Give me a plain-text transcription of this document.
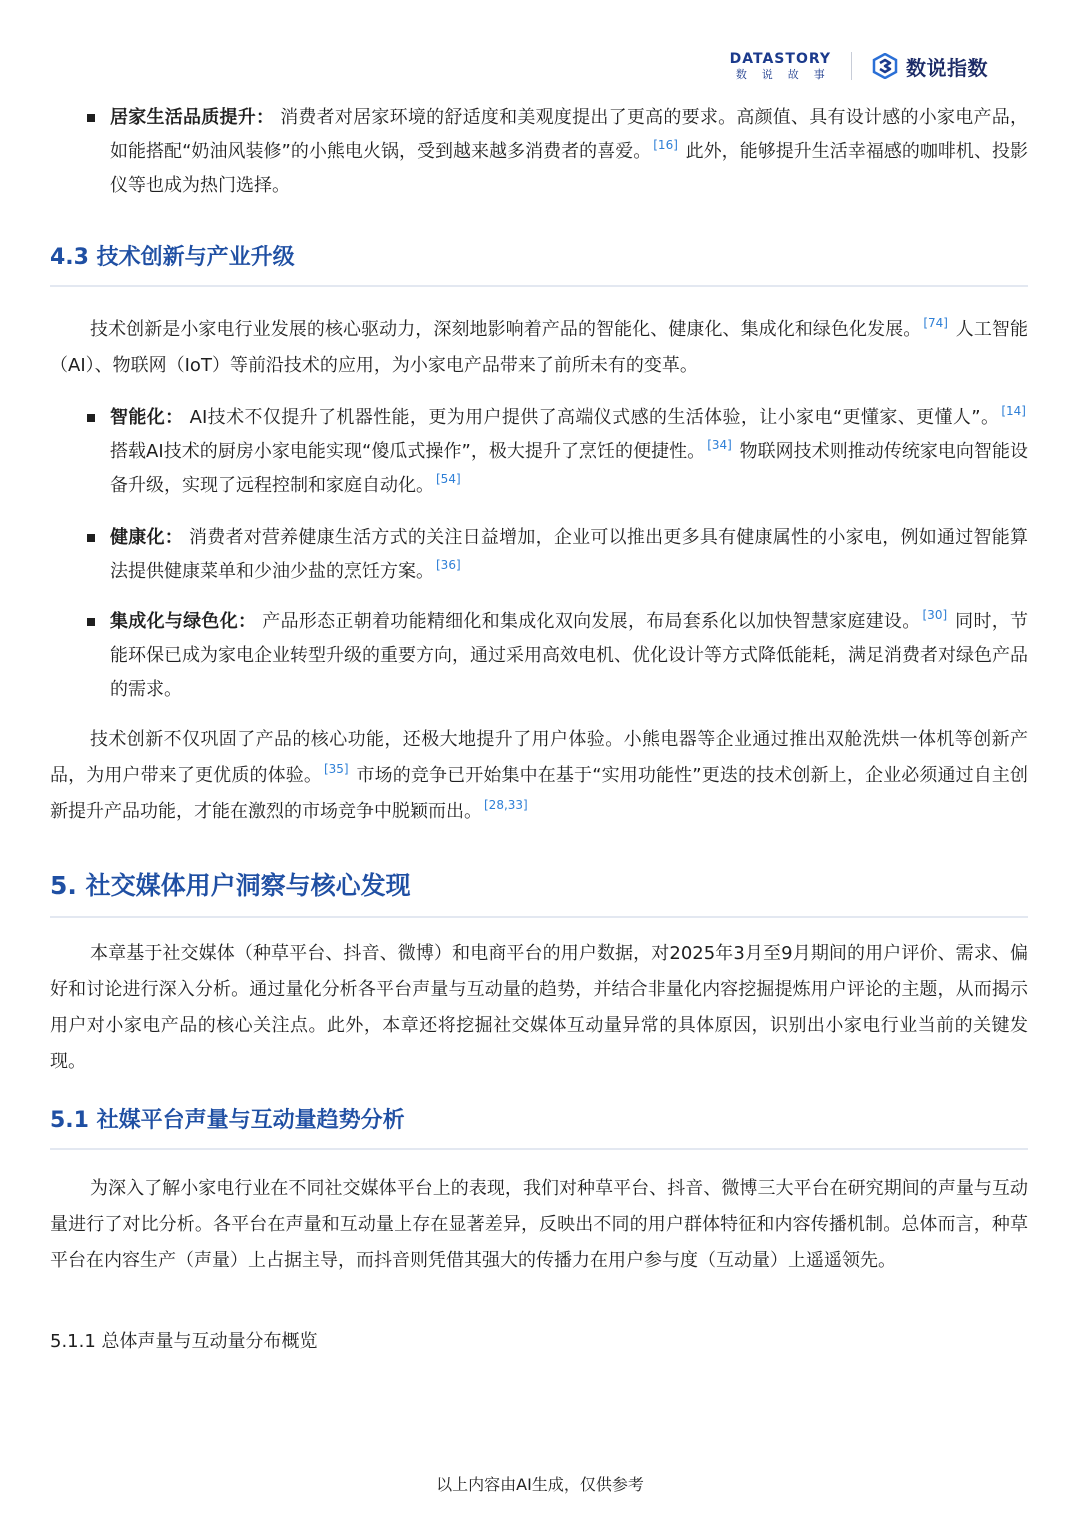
DATASTORY
数说故事	数说指数
居家生活品质提升： 消费者对居家环境的舒适度和美观度提出了更高的要求。高颜值、具有设计感的小家电产品，如能搭配“奶油风装修”的小熊电火锅，受到越来越多消费者的喜爱。 [16] 此外，能够提升生活幸福感的咖啡机、投影仪等也成为热门选择。
4.3 技术创新与产业升级

技术创新是小家电行业发展的核心驱动力，深刻地影响着产品的智能化、健康化、集成化和绿色化发展。 [74] 人工智能（AI）、物联网（IoT）等前沿技术的应用，为小家电产品带来了前所未有的变革。

智能化： AI技术不仅提升了机器性能，更为用户提供了高端仪式感的生活体验，让小家电“更懂家、更懂人”。 [14] 搭载AI技术的厨房小家电能实现“傻瓜式操作”，极大提升了烹饪的便捷性。 [34] 物联网技术则推动传统家电向智能设备升级，实现了远程控制和家庭自动化。 [54]
健康化： 消费者对营养健康生活方式的关注日益增加，企业可以推出更多具有健康属性的小家电，例如通过智能算法提供健康菜单和少油少盐的烹饪方案。 [36]
集成化与绿色化： 产品形态正朝着功能精细化和集成化双向发展，布局套系化以加快智慧家庭建设。 [30] 同时，节能环保已成为家电企业转型升级的重要方向，通过采用高效电机、优化设计等方式降低能耗，满足消费者对绿色产品的需求。

技术创新不仅巩固了产品的核心功能，还极大地提升了用户体验。小熊电器等企业通过推出双舱洗烘一体机等创新产品，为用户带来了更优质的体验。 [35] 市场的竞争已开始集中在基于“实用功能性”更迭的技术创新上，企业必须通过自主创新提升产品功能，才能在激烈的市场竞争中脱颖而出。 [28,33]

5. 社交媒体用户洞察与核心发现

本章基于社交媒体（种草平台、抖音、微博）和电商平台的用户数据，对2025年3月至9月期间的用户评价、需求、偏好和讨论进行深入分析。通过量化分析各平台声量与互动量的趋势，并结合非量化内容挖掘提炼用户评论的主题，从而揭示用户对小家电产品的核心关注点。此外，本章还将挖掘社交媒体互动量异常的具体原因，识别出小家电行业当前的关键发现。

5.1 社媒平台声量与互动量趋势分析

为深入了解小家电行业在不同社交媒体平台上的表现，我们对种草平台、抖音、微博三大平台在研究期间的声量与互动量进行了对比分析。各平台在声量和互动量上存在显著差异，反映出不同的用户群体特征和内容传播机制。总体而言，种草平台在内容生产（声量）上占据主导，而抖音则凭借其强大的传播力在用户参与度（互动量）上遥遥领先。

5.1.1 总体声量与互动量分布概览
以上内容由AI生成，仅供参考
